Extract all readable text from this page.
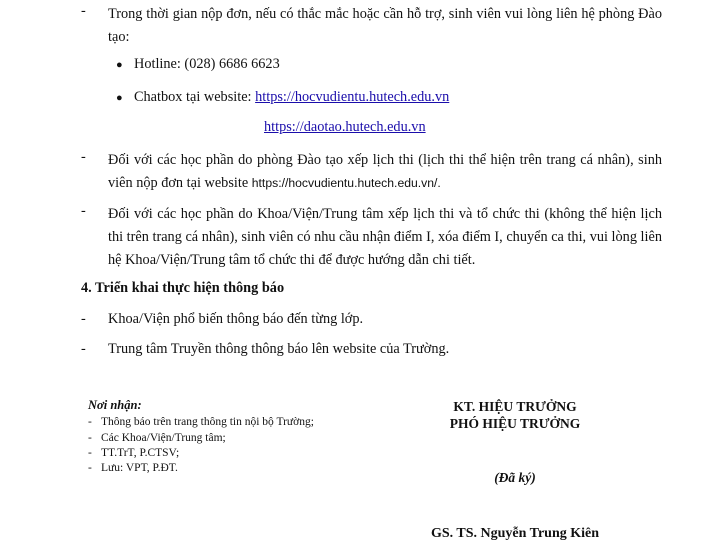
- Trong thời gian nộp đơn, nếu có thắc mắc hoặc cần hỗ trợ, sinh viên vui lòng liên hệ phòng Đào tạo:
● Hotline: (028) 6686 6623
● Chatbox tại website: https://hocvudientu.hutech.edu.vn
https://daotao.hutech.edu.vn
- Đối với các học phần do phòng Đào tạo xếp lịch thi (lịch thi thể hiện trên trang cá nhân), sinh viên nộp đơn tại website https://hocvudientu.hutech.edu.vn/.
- Đối với các học phần do Khoa/Viện/Trung tâm xếp lịch thi và tổ chức thi (không thể hiện lịch thi trên trang cá nhân), sinh viên có nhu cầu nhận điểm I, xóa điểm I, chuyển ca thi, vui lòng liên hệ Khoa/Viện/Trung tâm tổ chức thi để được hướng dẫn chi tiết.
4. Triển khai thực hiện thông báo
- Khoa/Viện phổ biến thông báo đến từng lớp.
- Trung tâm Truyền thông thông báo lên website của Trường.
Nơi nhận:
- Thông báo trên trang thông tin nội bộ Trường;
- Các Khoa/Viện/Trung tâm;
- TT.TrT, P.CTSV;
- Lưu: VPT, P.ĐT.
KT. HIỆU TRƯỞNG
PHÓ HIỆU TRƯỞNG
(Đã ký)
GS. TS. Nguyễn Trung Kiên
